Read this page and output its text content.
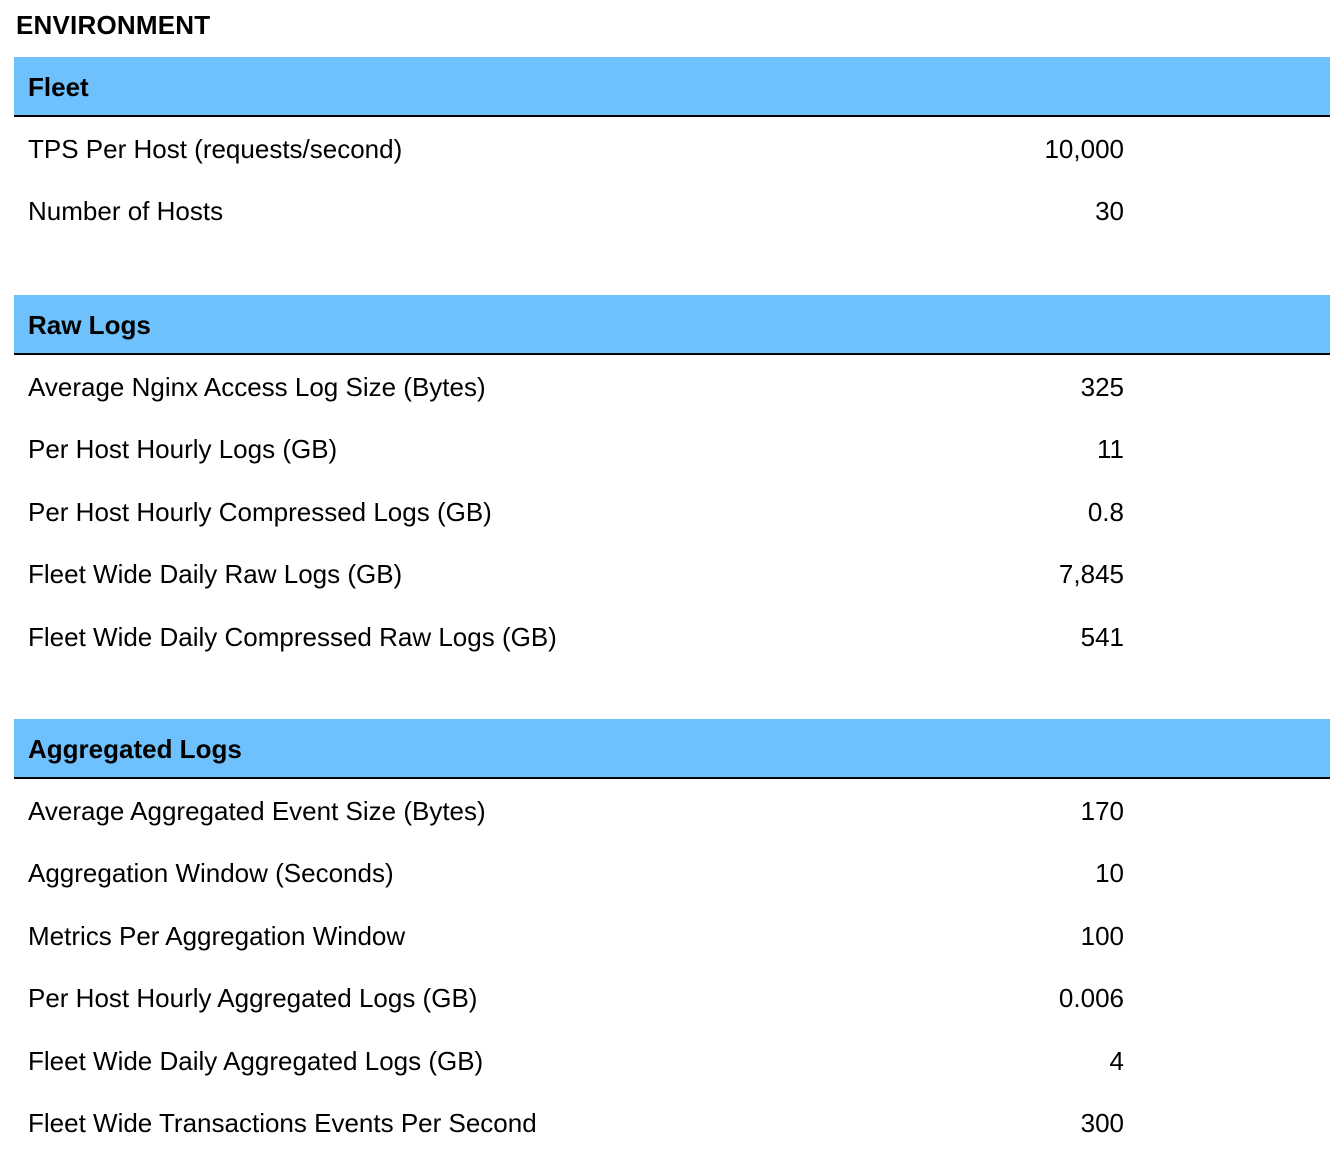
ENVIRONMENT
Fleet
TPS Per Host (requests/second)	10,000
Number of Hosts	30
Raw Logs
Average Nginx Access Log Size (Bytes)	325
Per Host Hourly Logs (GB)	11
Per Host Hourly Compressed Logs (GB)	0.8
Fleet Wide Daily Raw Logs (GB)	7,845
Fleet Wide Daily Compressed Raw Logs (GB)	541
Aggregated Logs
Average Aggregated Event Size (Bytes)	170
Aggregation Window (Seconds)	10
Metrics Per Aggregation Window	100
Per Host Hourly Aggregated Logs (GB)	0.006
Fleet Wide Daily Aggregated Logs (GB)	4
Fleet Wide Transactions Events Per Second	300
